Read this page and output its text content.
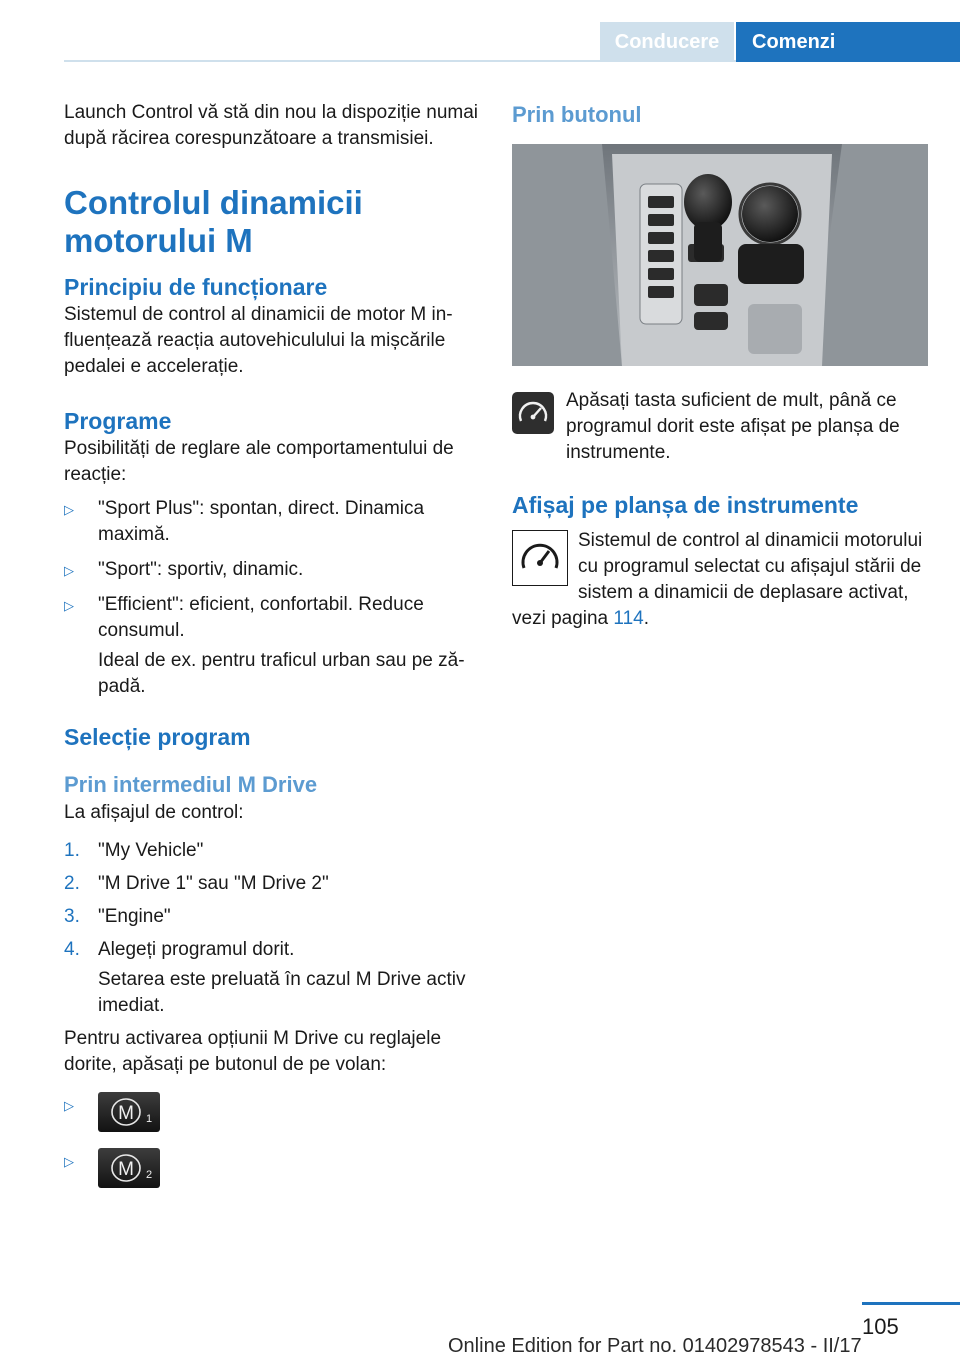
Conducere	Comenzi

Launch Control vă stă din nou la dispoziție numai după răcirea corespunzătoare a transmisiei.

Controlul dinamicii motorului M

Principiu de funcționare

Sistemul de control al dinamicii de motor M influențează reacția autovehiculului la mișcările pedalei e accelerație.

Programe

Posibilități de reglare ale comportamentului de reacție:

▷ "Sport Plus": spontan, direct. Dinamica maximă.
▷ "Sport": sportiv, dinamic.
▷ "Efficient": eficient, confortabil. Reduce consumul.

Ideal de ex. pentru traficul urban sau pe zăpadă.

Selecție program

Prin intermediul M Drive

La afișajul de control:

1. "My Vehicle"
2. "M Drive 1" sau "M Drive 2"
3. "Engine"
4. Alegeți programul dorit.

Setarea este preluată în cazul M Drive activ imediat.

Pentru activarea opțiunii M Drive cu reglajele dorite, apăsați pe butonul de pe volan:

▷ M 1
▷ M 2

Prin butonul

Apăsați tasta suficient de mult, până ce programul dorit este afișat pe planșa de instrumente.

Afișaj pe planșa de instrumente

Sistemul de control al dinamicii motorului cu programul selectat cu afișajul stării de sistem a dinamicii de deplasare activat, vezi pagina 114.

105
Online Edition for Part no. 01402978543 - II/17
